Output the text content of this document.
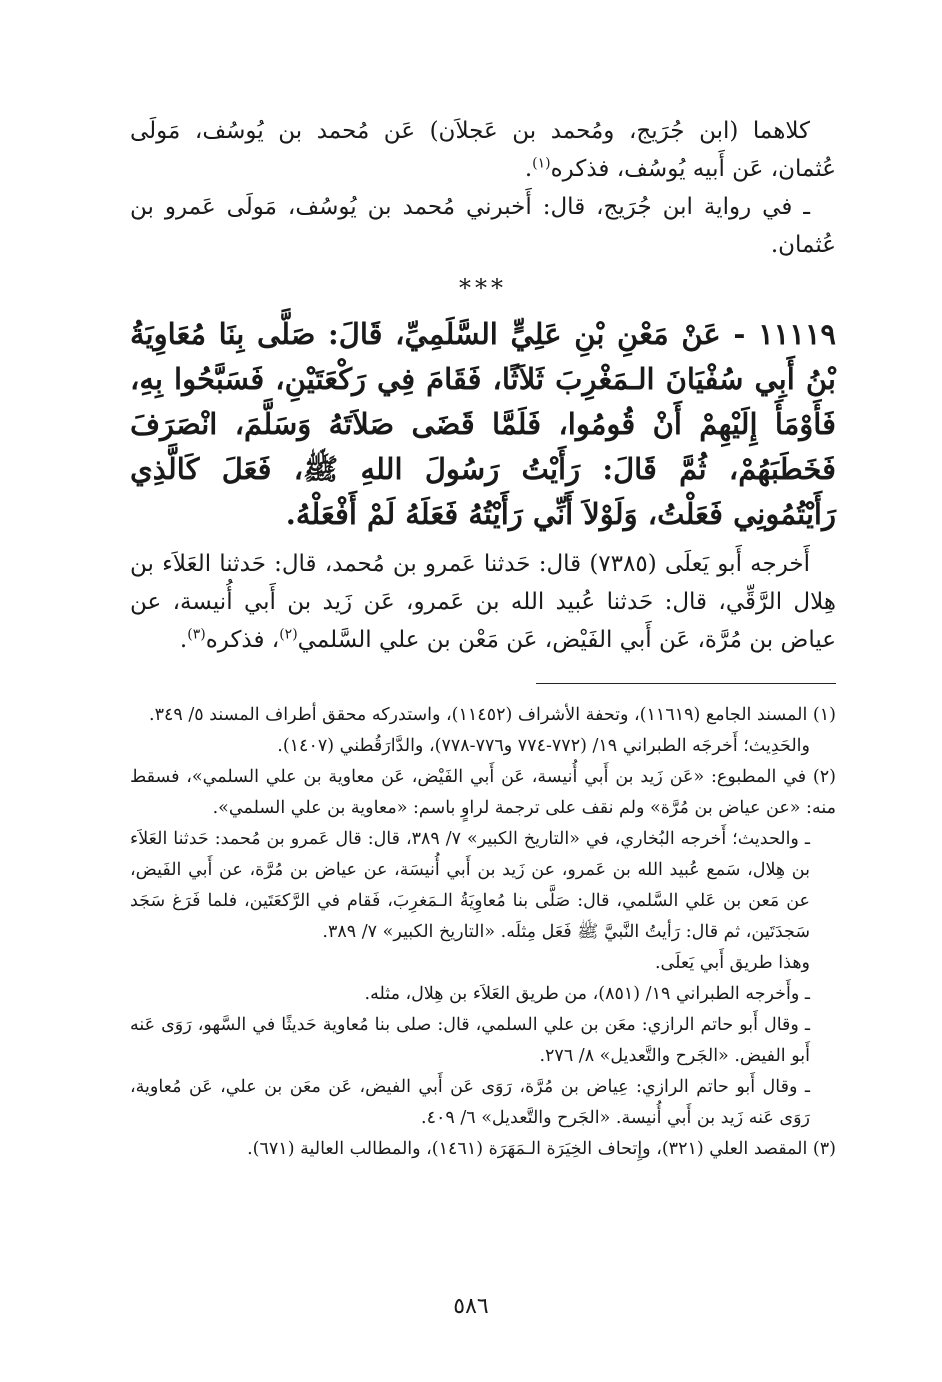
كلاهما (ابن جُرَيج، ومُحمد بن عَجلاَن) عَن مُحمد بن يُوسُف، مَولَى عُثمان، عَن أَبيه يُوسُف، فذكره$^{(١)}$.

ـ في رواية ابن جُرَيج، قال: أَخبرني مُحمد بن يُوسُف، مَولَى عَمرو بن عُثمان.

***

١١١١٩ - عَنْ مَعْنِ بْنِ عَلِيٍّ السَّلَمِيِّ، قَالَ: صَلَّى بِنَا مُعَاوِيَةُ بْنُ أَبِي سُفْيَانَ الـمَغْرِبَ ثَلاَثًا، فَقَامَ فِي رَكْعَتَيْنِ، فَسَبَّحُوا بِهِ، فَأَوْمَأَ إِلَيْهِمْ أَنْ قُومُوا، فَلَمَّا قَضَى صَلاَتَهُ وَسَلَّمَ، انْصَرَفَ فَخَطَبَهُمْ، ثُمَّ قَالَ: رَأَيْتُ رَسُولَ اللهِ ﷺ، فَعَلَ كَالَّذِي رَأَيْتُمُونِي فَعَلْتُ، وَلَوْلاَ أَنِّي رَأَيْتُهُ فَعَلَهُ لَمْ أَفْعَلْهُ.

أَخرجه أَبو يَعلَى (٧٣٨٥) قال: حَدثنا عَمرو بن مُحمد، قال: حَدثنا العَلاَء بن هِلال الرَّقِّي، قال: حَدثنا عُبيد الله بن عَمرو، عَن زَيد بن أَبي أُنيسة، عن عياض بن مُرَّة، عَن أَبي الفَيْض، عَن مَعْن بن علي السَّلمي$^{(٢)}$، فذكره$^{(٣)}$.

(١) المسند الجامع (١١٦١٩)، وتحفة الأشراف (١١٤٥٢)، واستدركه محقق أطراف المسند ٥/ ٣٤٩.

والحَدِيث؛ أَخرجَه الطبراني ١٩/ (٧٧٢-٧٧٤ و٧٧٦-٧٧٨)، والدَّارَقُطني (١٤٠٧).

(٢) في المطبوع: «عَن زَيد بن أَبي أُنيسة، عَن أَبي الفَيْض، عَن معاوية بن علي السلمي»، فسقط منه: «عن عياض بن مُرَّة» ولم نقف على ترجمة لراوٍ باسم: «معاوية بن علي السلمي».

ـ والحديث؛ أَخرجه البُخاري، في «التاريخ الكبير» ٧/ ٣٨٩، قال: قال عَمرو بن مُحمد: حَدثنا العَلاَء بن هِلال، سَمع عُبيد الله بن عَمرو، عن زَيد بن أَبي أُنيسَة، عن عياض بن مُرَّة، عن أَبي الفَيض، عن مَعن بن عَلي السَّلمي، قال: صَلَّى بنا مُعاوِيَةُ الـمَغرِبَ، فَقام في الرَّكعَتَين، فلما فَرَغ سَجَد سَجدَتَين، ثم قال: رَأيتُ النَّبيَّ ﷺ فَعَل مِثلَه. «التاريخ الكبير» ٧/ ٣٨٩.

وهذا طريق أَبي يَعلَى.

ـ وأَخرجه الطبراني ١٩/ (٨٥١)، من طريق العَلاَء بن هِلال، مثله.

ـ وقال أَبو حاتم الرازي: معَن بن علي السلمي، قال: صلى بنا مُعاوية حَديثًا في السَّهو، رَوَى عَنه أَبو الفيض. «الجَرح والتَّعديل» ٨/ ٢٧٦.

ـ وقال أَبو حاتم الرازي: عِياض بن مُرَّة، رَوَى عَن أَبي الفيض، عَن معَن بن علي، عَن مُعاوية، رَوَى عَنه زَيد بن أَبي أُنيسة. «الجَرح والتَّعديل» ٦/ ٤٠٩.

(٣) المقصد العلي (٣٢١)، وإِتحاف الخِيَرَة الـمَهَرَة (١٤٦١)، والمطالب العالية (٦٧١).

٥٨٦
